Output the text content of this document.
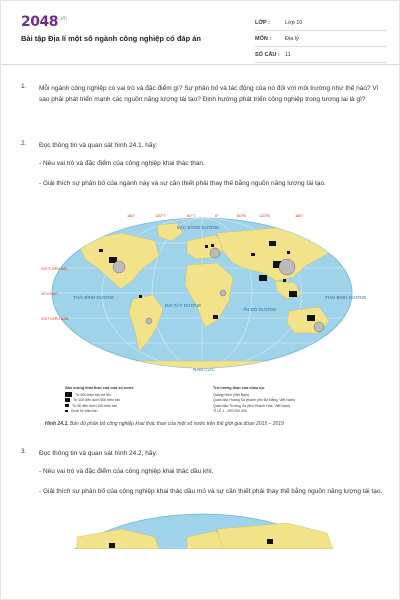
$2048^{.vn}$
Bài tập Địa lí một số ngành công nghiệp có đáp án
LỚP :	Lớp 10
MÔN :	Địa lý
SỐ CÂU : 11
1. Mỗi ngành công nghiệp có vai trò và đặc điểm gì? Sự phân bố và tác động của nó đối với môi trường như thế nào? Vì sao phải phát triển mạnh các nguồn năng lượng tái tạo? Định hướng phát triển công nghiệp trong tương lai là gì?
2. Đọc thông tin và quan sát hình 24.1, hãy:
- Nêu vai trò và đặc điểm của công nghiệp khai thác than.
- Giải thích sự phân bố của ngành này và sự cần thiết phải thay thế bằng nguồn năng lượng tái tạo.
180°	120°T	60°T	0°	60°Đ	120°Đ	180°
BẮC BĂNG DƯƠNG
THÁI BÌNH DƯƠNG
ĐẠI TÂY DƯƠNG
ẤN ĐỘ DƯƠNG
THÁI BÌNH DƯƠNG
NAM CỰC
XÍCH ĐẠO
CHÍ TUYẾN BẮC
CHÍ TUYẾN NAM
Sản lượng khai thác của một số nước
Từ 500 triệu tấn trở lên
Từ 100 đến dưới 500 triệu tấn
Từ 50 đến dưới 100 triệu tấn
Dưới 50 triệu tấn
Trữ lượng than của châu lục
Quảng Ninh (Việt Nam)
Quần đảo Hoàng Sa (thành phố Đà Nẵng, Việt Nam)
Quần đảo Trường Sa (tỉnh Khánh Hòa, Việt Nam)
TỈ LỆ 1 : 200 000 000
Hình 24.1. Bản đồ phân bố công nghiệp khai thác than của một số nước trên thế giới giai đoạn 2015 – 2019
3. Đọc thông tin và quan sát hình 24.2, hãy:
- Nêu vai trò và đặc điểm của công nghiệp khai thác dầu khí.
- Giải thích sự phân bố của công nghiệp khai thác dầu mỏ và sự cần thiết phải thay thế bằng nguồn năng lượng tái tạo.
